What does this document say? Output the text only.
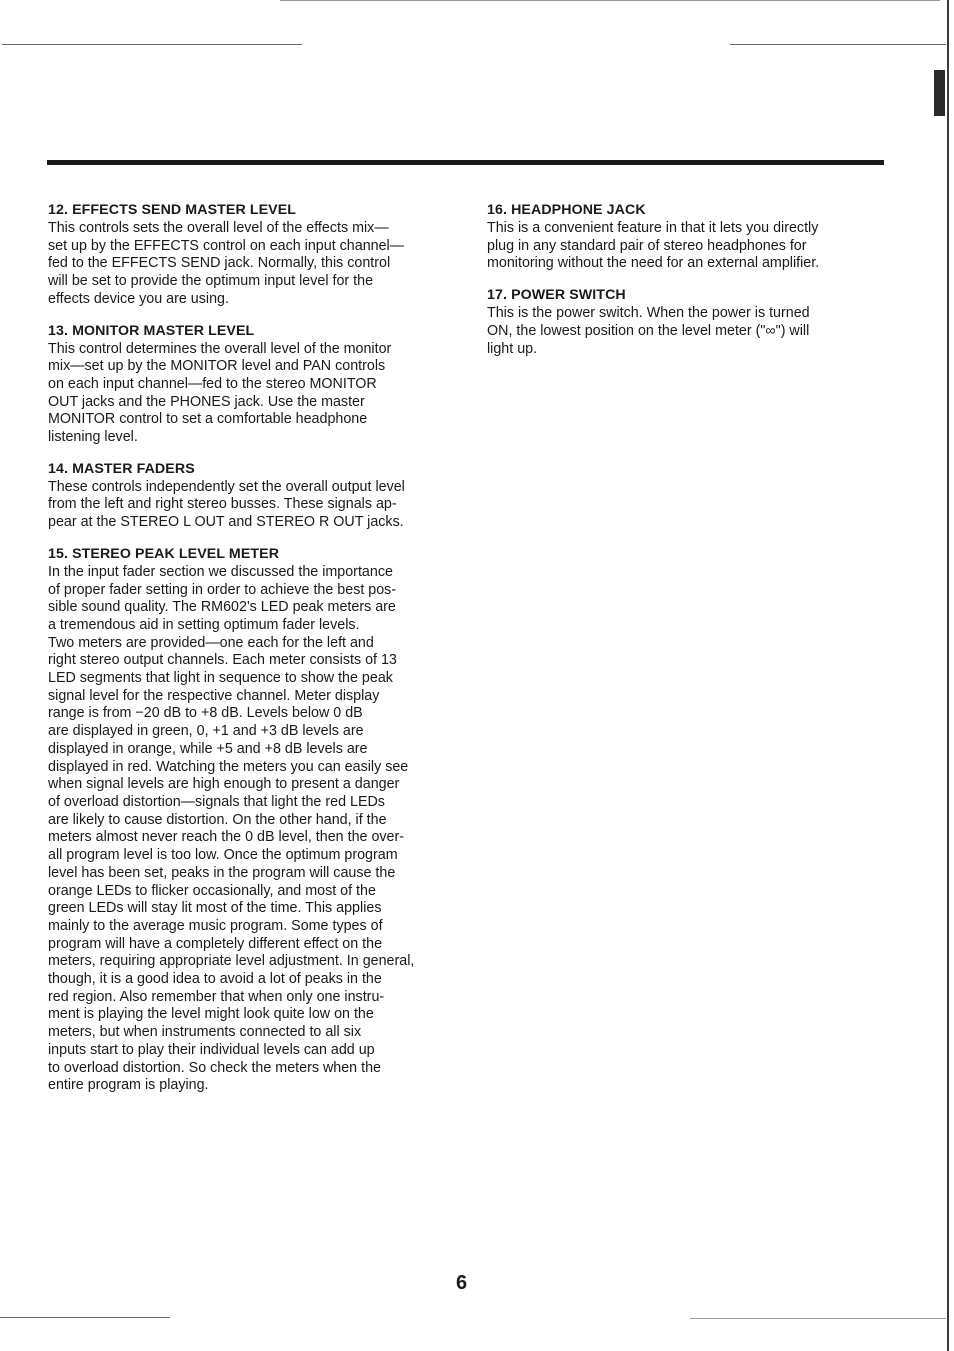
12. EFFECTS SEND MASTER LEVEL

This controls sets the overall level of the effects mix—
set up by the EFFECTS control on each input channel—
fed to the EFFECTS SEND jack. Normally, this control
will be set to provide the optimum input level for the
effects device you are using.

13. MONITOR MASTER LEVEL

This control determines the overall level of the monitor
mix—set up by the MONITOR level and PAN controls
on each input channel—fed to the stereo MONITOR
OUT jacks and the PHONES jack. Use the master
MONITOR control to set a comfortable headphone
listening level.

14. MASTER FADERS

These controls independently set the overall output level
from the left and right stereo busses. These signals ap-
pear at the STEREO L OUT and STEREO R OUT jacks.

15. STEREO PEAK LEVEL METER

In the input fader section we discussed the importance
of proper fader setting in order to achieve the best pos-
sible sound quality. The RM602's LED peak meters are
a tremendous aid in setting optimum fader levels.
Two meters are provided—one each for the left and
right stereo output channels. Each meter consists of 13
LED segments that light in sequence to show the peak
signal level for the respective channel. Meter display
range is from −20 dB to +8 dB. Levels below 0 dB
are displayed in green, 0, +1 and +3 dB levels are
displayed in orange, while +5 and +8 dB levels are
displayed in red. Watching the meters you can easily see
when signal levels are high enough to present a danger
of overload distortion—signals that light the red LEDs
are likely to cause distortion. On the other hand, if the
meters almost never reach the 0 dB level, then the over-
all program level is too low. Once the optimum program
level has been set, peaks in the program will cause the
orange LEDs to flicker occasionally, and most of the
green LEDs will stay lit most of the time. This applies
mainly to the average music program. Some types of
program will have a completely different effect on the
meters, requiring appropriate level adjustment. In general,
though, it is a good idea to avoid a lot of peaks in the
red region. Also remember that when only one instru-
ment is playing the level might look quite low on the
meters, but when instruments connected to all six
inputs start to play their individual levels can add up
to overload distortion. So check the meters when the
entire program is playing.

16. HEADPHONE JACK

This is a convenient feature in that it lets you directly
plug in any standard pair of stereo headphones for
monitoring without the need for an external amplifier.

17. POWER SWITCH

This is the power switch. When the power is turned
ON, the lowest position on the level meter ("∞") will
light up.

6
